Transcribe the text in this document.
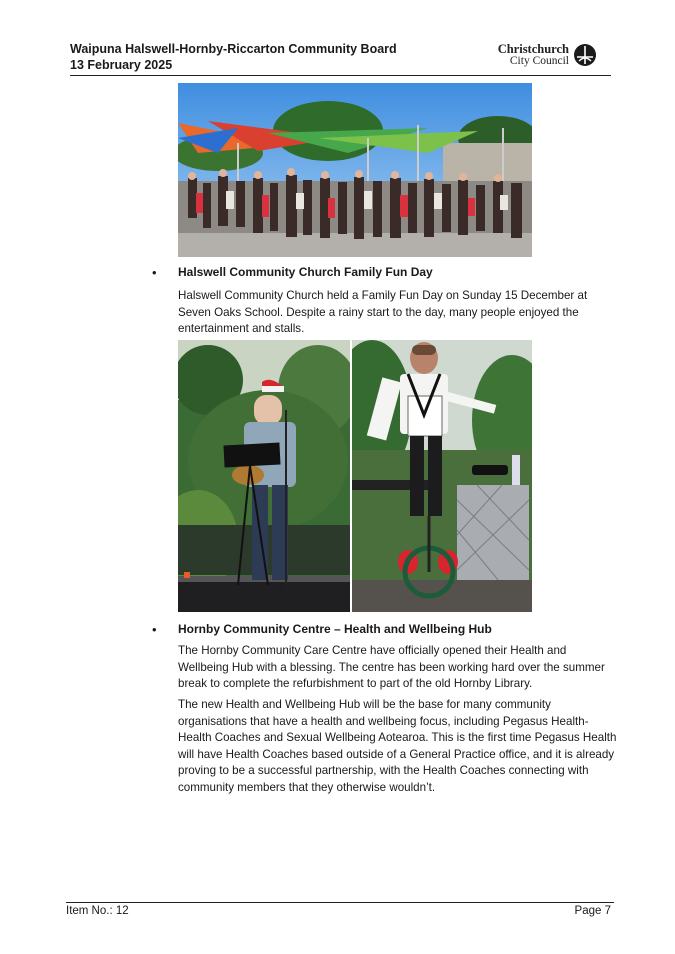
Waipuna Halswell-Hornby-Riccarton Community Board
13 February 2025
Christchurch
City Council
• Halswell Community Church Family Fun Day
Halswell Community Church held a Family Fun Day on Sunday 15 December at Seven Oaks School. Despite a rainy start to the day, many people enjoyed the entertainment and stalls.
• Hornby Community Centre – Health and Wellbeing Hub
The Hornby Community Care Centre have officially opened their Health and Wellbeing Hub with a blessing. The centre has been working hard over the summer break to complete the refurbishment to part of the old Hornby Library.
The new Health and Wellbeing Hub will be the base for many community organisations that have a health and wellbeing focus, including Pegasus Health-Health Coaches and Sexual Wellbeing Aotearoa. This is the first time Pegasus Health will have Health Coaches based outside of a General Practice office, and it is already proving to be a successful partnership, with the Health Coaches connecting with community members that they otherwise wouldn’t.
Item No.: 12	Page 7
